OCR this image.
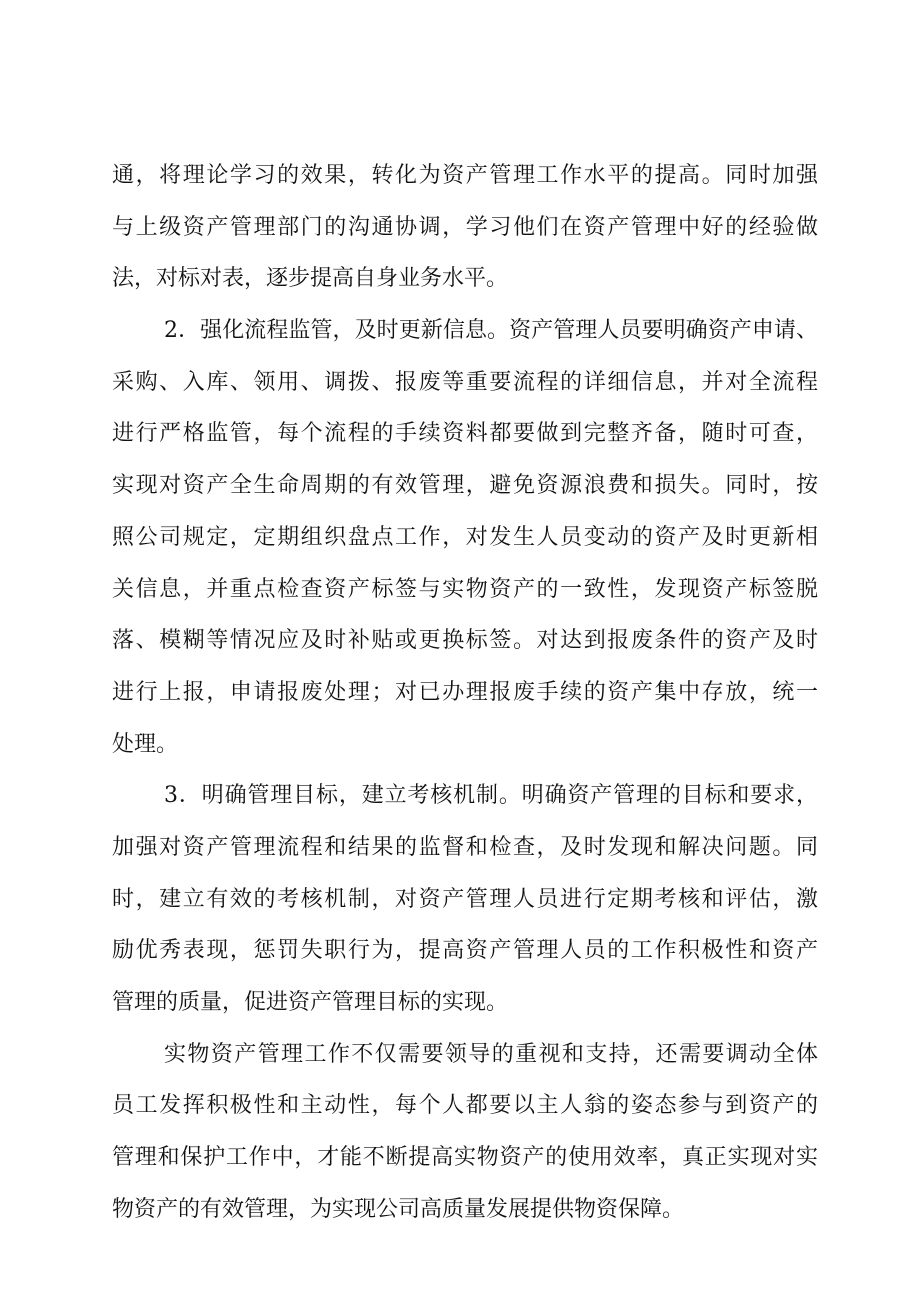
通，将理论学习的效果，转化为资产管理工作水平的提高。同时加强
与上级资产管理部门的沟通协调，学习他们在资产管理中好的经验做
法，对标对表，逐步提高自身业务水平。
2．强化流程监管，及时更新信息。资产管理人员要明确资产申请、
采购、入库、领用、调拨、报废等重要流程的详细信息，并对全流程
进行严格监管，每个流程的手续资料都要做到完整齐备，随时可查，
实现对资产全生命周期的有效管理，避免资源浪费和损失。同时，按
照公司规定，定期组织盘点工作，对发生人员变动的资产及时更新相
关信息，并重点检查资产标签与实物资产的一致性，发现资产标签脱
落、模糊等情况应及时补贴或更换标签。对达到报废条件的资产及时
进行上报，申请报废处理；对已办理报废手续的资产集中存放，统一
处理。
3．明确管理目标，建立考核机制。明确资产管理的目标和要求，
加强对资产管理流程和结果的监督和检查，及时发现和解决问题。同
时，建立有效的考核机制，对资产管理人员进行定期考核和评估，激
励优秀表现，惩罚失职行为，提高资产管理人员的工作积极性和资产
管理的质量，促进资产管理目标的实现。
实物资产管理工作不仅需要领导的重视和支持，还需要调动全体
员工发挥积极性和主动性，每个人都要以主人翁的姿态参与到资产的
管理和保护工作中，才能不断提高实物资产的使用效率，真正实现对实
物资产的有效管理，为实现公司高质量发展提供物资保障。
